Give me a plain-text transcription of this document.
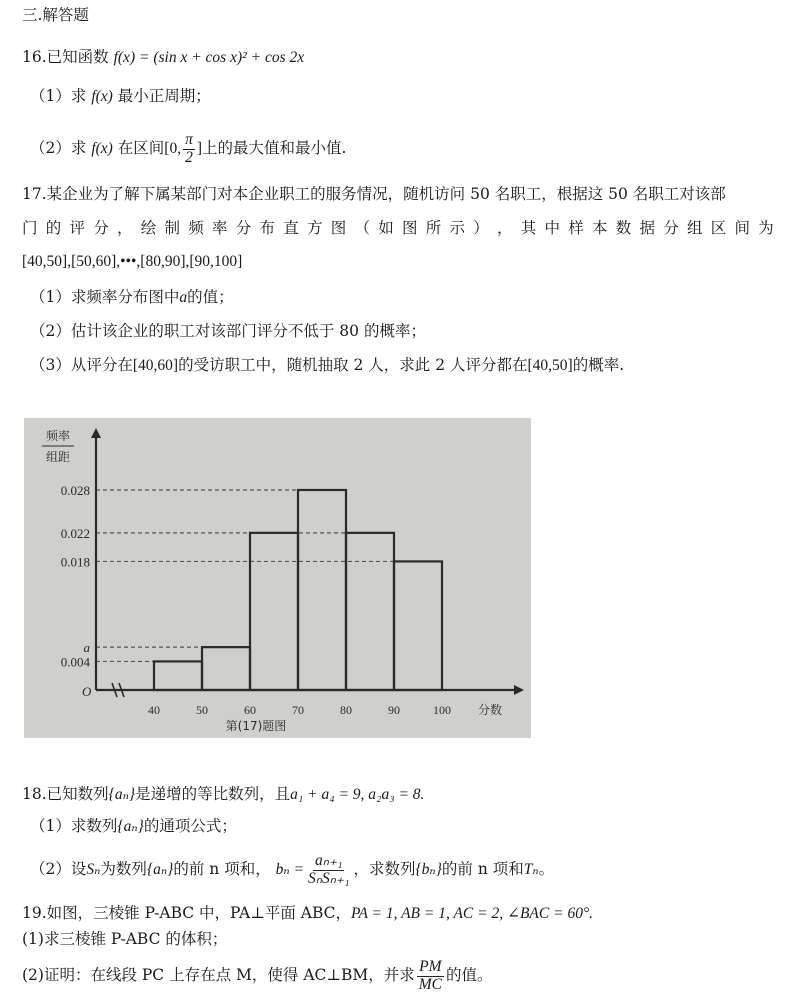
三.解答题
16.已知函数 f(x) = (sin x + cos x)² + cos 2x
（1）求 f(x) 最小正周期；
（2）求 f(x) 在区间[0, $\frac{\pi}{2}$ ]上的最大值和最小值.
17.某企业为了解下属某部门对本企业职工的服务情况，随机访问 50 名职工，根据这 50 名职工对该部
门 的 评 分 ， 绘 制 频 率 分 布 直 方 图 （ 如 图 所 示 ） ， 其 中 样 本 数 据 分 组 区 间 为
[40,50],[50,60],•••,[80,90],[90,100]
（1）求频率分布图中a的值；
（2）估计该企业的职工对该部门评分不低于 80 的概率；
（3）从评分在[40,60]的受访职工中，随机抽取 2 人，求此 2 人评分都在[40,50]的概率.
0.004
a
0.018
0.022
0.028
40	50	60	70	80	90	100
O
分数
频率
组距
第(17)题图
18.已知数列{aₙ}是递增的等比数列，且a₁ + a₄ = 9, a₂a₃ = 8.
（1）求数列{aₙ}的通项公式；
（2）设Sₙ为数列{aₙ}的前 n 项和， $b_n = \frac{\text{aₙ₊₁}}{\text{SₙSₙ₊₁}}$ ，求数列{bₙ}的前 n 项和Tₙ。
19.如图，三棱锥 P-ABC 中，PA⊥平面 ABC，PA = 1, AB = 1, AC = 2, ∠BAC = 60°.
(1)求三棱锥 P-ABC 的体积；
(2)证明：在线段 PC 上存在点 M，使得 AC⊥BM，并求 $\frac{PM}{MC}$ 的值。
